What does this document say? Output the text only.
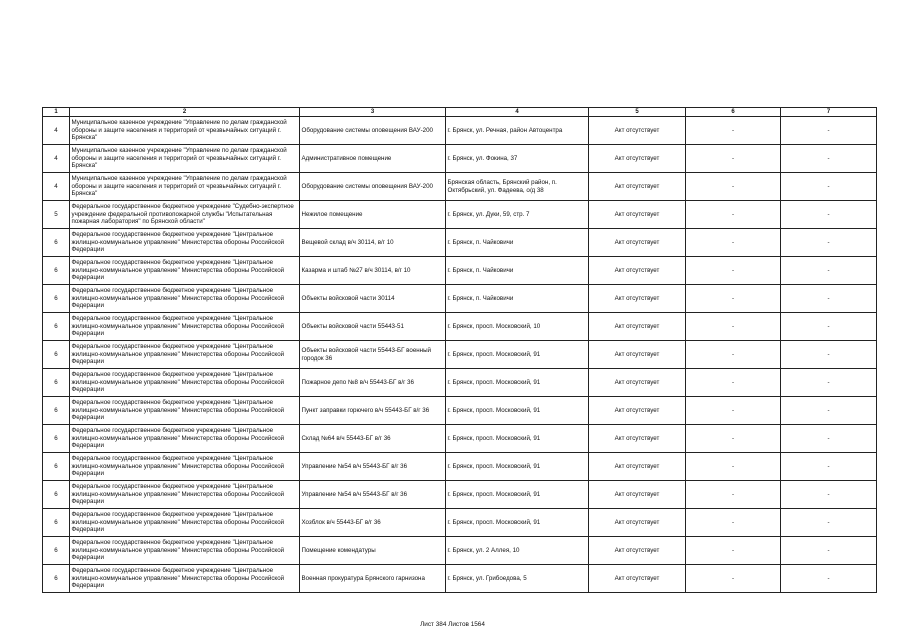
1	2	3	4	5	6	7
4	Муниципальное казенное учреждение "Управление по делам гражданской обороны и защите населения и территорий от чрезвычайных ситуаций г. Брянска"	Оборудование системы оповещения ВАУ-200	г. Брянск, ул. Речная, район Автоцентра	Акт отсутствует	-	-
4	Муниципальное казенное учреждение "Управление по делам гражданской обороны и защите населения и территорий от чрезвычайных ситуаций г. Брянска"	Административное помещение	г. Брянск, ул. Фокина, 37	Акт отсутствует	-	-
4	Муниципальное казенное учреждение "Управление по делам гражданской обороны и защите населения и территорий от чрезвычайных ситуаций г. Брянска"	Оборудование системы оповещения ВАУ-200	Брянская область, Брянский район, п. Октябрьский, ул. Фадеева, о/д 38	Акт отсутствует	-	-
5	Федеральное государственное бюджетное учреждение "Судебно-экспертное учреждение федеральной противопожарной службы "Испытательная пожарная лаборатория" по Брянской области"	Нежилое помещение	г. Брянск, ул. Дуки, 59, стр. 7	Акт отсутствует	-	-
6	Федеральное государственное бюджетное учреждение "Центральное жилищно-коммунальное управление" Министерства обороны Российской Федерации	Вещевой склад в/ч 30114, в/г 10	г. Брянск, п. Чайковичи	Акт отсутствует	-	-
6	Федеральное государственное бюджетное учреждение "Центральное жилищно-коммунальное управление" Министерства обороны Российской Федерации	Казарма и штаб №27 в/ч 30114, в/г 10	г. Брянск, п. Чайковичи	Акт отсутствует	-	-
6	Федеральное государственное бюджетное учреждение "Центральное жилищно-коммунальное управление" Министерства обороны Российской Федерации	Объекты войсковой части 30114	г. Брянск, п. Чайковичи	Акт отсутствует	-	-
6	Федеральное государственное бюджетное учреждение "Центральное жилищно-коммунальное управление" Министерства обороны Российской Федерации	Объекты войсковой части 55443-51	г. Брянск, просп. Московский, 10	Акт отсутствует	-	-
6	Федеральное государственное бюджетное учреждение "Центральное жилищно-коммунальное управление" Министерства обороны Российской Федерации	Объекты войсковой части 55443-БГ военный городок 36	г. Брянск, просп. Московский, 91	Акт отсутствует	-	-
6	Федеральное государственное бюджетное учреждение "Центральное жилищно-коммунальное управление" Министерства обороны Российской Федерации	Пожарное депо №8 в/ч 55443-БГ в/г 36	г. Брянск, просп. Московский, 91	Акт отсутствует	-	-
6	Федеральное государственное бюджетное учреждение "Центральное жилищно-коммунальное управление" Министерства обороны Российской Федерации	Пункт заправки горючего в/ч 55443-БГ в/г 36	г. Брянск, просп. Московский, 91	Акт отсутствует	-	-
6	Федеральное государственное бюджетное учреждение "Центральное жилищно-коммунальное управление" Министерства обороны Российской Федерации	Склад №64 в/ч 55443-БГ в/г 36	г. Брянск, просп. Московский, 91	Акт отсутствует	-	-
6	Федеральное государственное бюджетное учреждение "Центральное жилищно-коммунальное управление" Министерства обороны Российской Федерации	Управление №54 в/ч 55443-БГ в/г 36	г. Брянск, просп. Московский, 91	Акт отсутствует	-	-
6	Федеральное государственное бюджетное учреждение "Центральное жилищно-коммунальное управление" Министерства обороны Российской Федерации	Управление №54 в/ч 55443-БГ в/г 36	г. Брянск, просп. Московский, 91	Акт отсутствует	-	-
6	Федеральное государственное бюджетное учреждение "Центральное жилищно-коммунальное управление" Министерства обороны Российской Федерации	Хозблок в/ч 55443-БГ в/г 36	г. Брянск, просп. Московский, 91	Акт отсутствует	-	-
6	Федеральное государственное бюджетное учреждение "Центральное жилищно-коммунальное управление" Министерства обороны Российской Федерации	Помещение комендатуры	г. Брянск, ул. 2 Аллея, 10	Акт отсутствует	-	-
6	Федеральное государственное бюджетное учреждение "Центральное жилищно-коммунальное управление" Министерства обороны Российской Федерации	Военная прокуратура Брянского гарнизона	г. Брянск, ул. Грибоедова, 5	Акт отсутствует	-	-
Лист 384 Листов 1564
